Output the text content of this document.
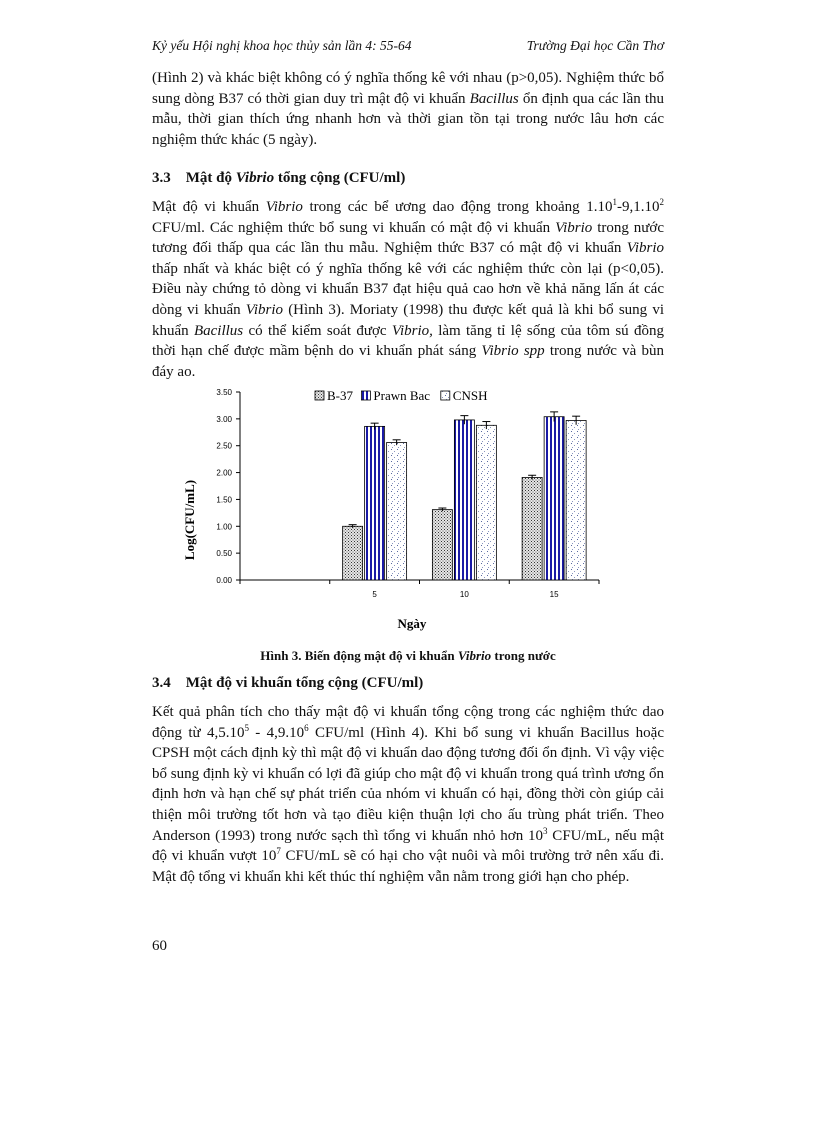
Kỷ yếu Hội nghị khoa học thủy sản lần 4: 55-64	Trường Đại học Cần Thơ

(Hình 2) và khác biệt không có ý nghĩa thống kê với nhau (p>0,05). Nghiệm thức bổ sung dòng B37 có thời gian duy trì mật độ vi khuẩn Bacillus ổn định qua các lần thu mẫu, thời gian thích ứng nhanh hơn và thời gian tồn tại trong nước lâu hơn các nghiệm thức khác (5 ngày).

3.3 Mật độ Vibrio tổng cộng (CFU/ml)

Mật độ vi khuẩn Vibrio trong các bể ương dao động trong khoảng 1.10$^1$-9,1.10$^2$ CFU/ml. Các nghiệm thức bổ sung vi khuẩn có mật độ vi khuẩn Vibrio trong nước tương đối thấp qua các lần thu mẫu. Nghiệm thức B37 có mật độ vi khuẩn Vibrio thấp nhất và khác biệt có ý nghĩa thống kê với các nghiệm thức còn lại (p<0,05). Điều này chứng tỏ dòng vi khuẩn B37 đạt hiệu quả cao hơn về khả năng lấn át các dòng vi khuẩn Vibrio (Hình 3). Moriaty (1998) thu được kết quả là khi bổ sung vi khuẩn Bacillus có thể kiểm soát được Vibrio, làm tăng tỉ lệ sống của tôm sú đồng thời hạn chế được mầm bệnh do vi khuẩn phát sáng Vibrio spp trong nước và bùn đáy ao.

0.00
0.50
1.00
1.50
2.00
2.50
3.00
3.50
5	10	15
B-37 Prawn Bac CNSH
Log(CFU/mL)
Ngày
Hình 3. Biến động mật độ vi khuẩn Vibrio trong nước

3.4 Mật độ vi khuẩn tổng cộng (CFU/ml)

Kết quả phân tích cho thấy mật độ vi khuẩn tổng cộng trong các nghiệm thức dao động từ 4,5.10$^5$ - 4,9.10$^6$ CFU/ml (Hình 4). Khi bổ sung vi khuẩn Bacillus hoặc CPSH một cách định kỳ thì mật độ vi khuẩn dao động tương đối ổn định. Vì vậy việc bổ sung định kỳ vi khuẩn có lợi đã giúp cho mật độ vi khuẩn trong quá trình ương ổn định hơn và hạn chế sự phát triển của nhóm vi khuẩn có hại, đồng thời còn giúp cải thiện môi trường tốt hơn và tạo điều kiện thuận lợi cho ấu trùng phát triển. Theo Anderson (1993) trong nước sạch thì tổng vi khuẩn nhỏ hơn $10^3$ CFU/mL, nếu mật độ vi khuẩn vượt $10^7$ CFU/mL sẽ có hại cho vật nuôi và môi trường trở nên xấu đi. Mật độ tổng vi khuẩn khi kết thúc thí nghiệm vẫn nằm trong giới hạn cho phép.

60
